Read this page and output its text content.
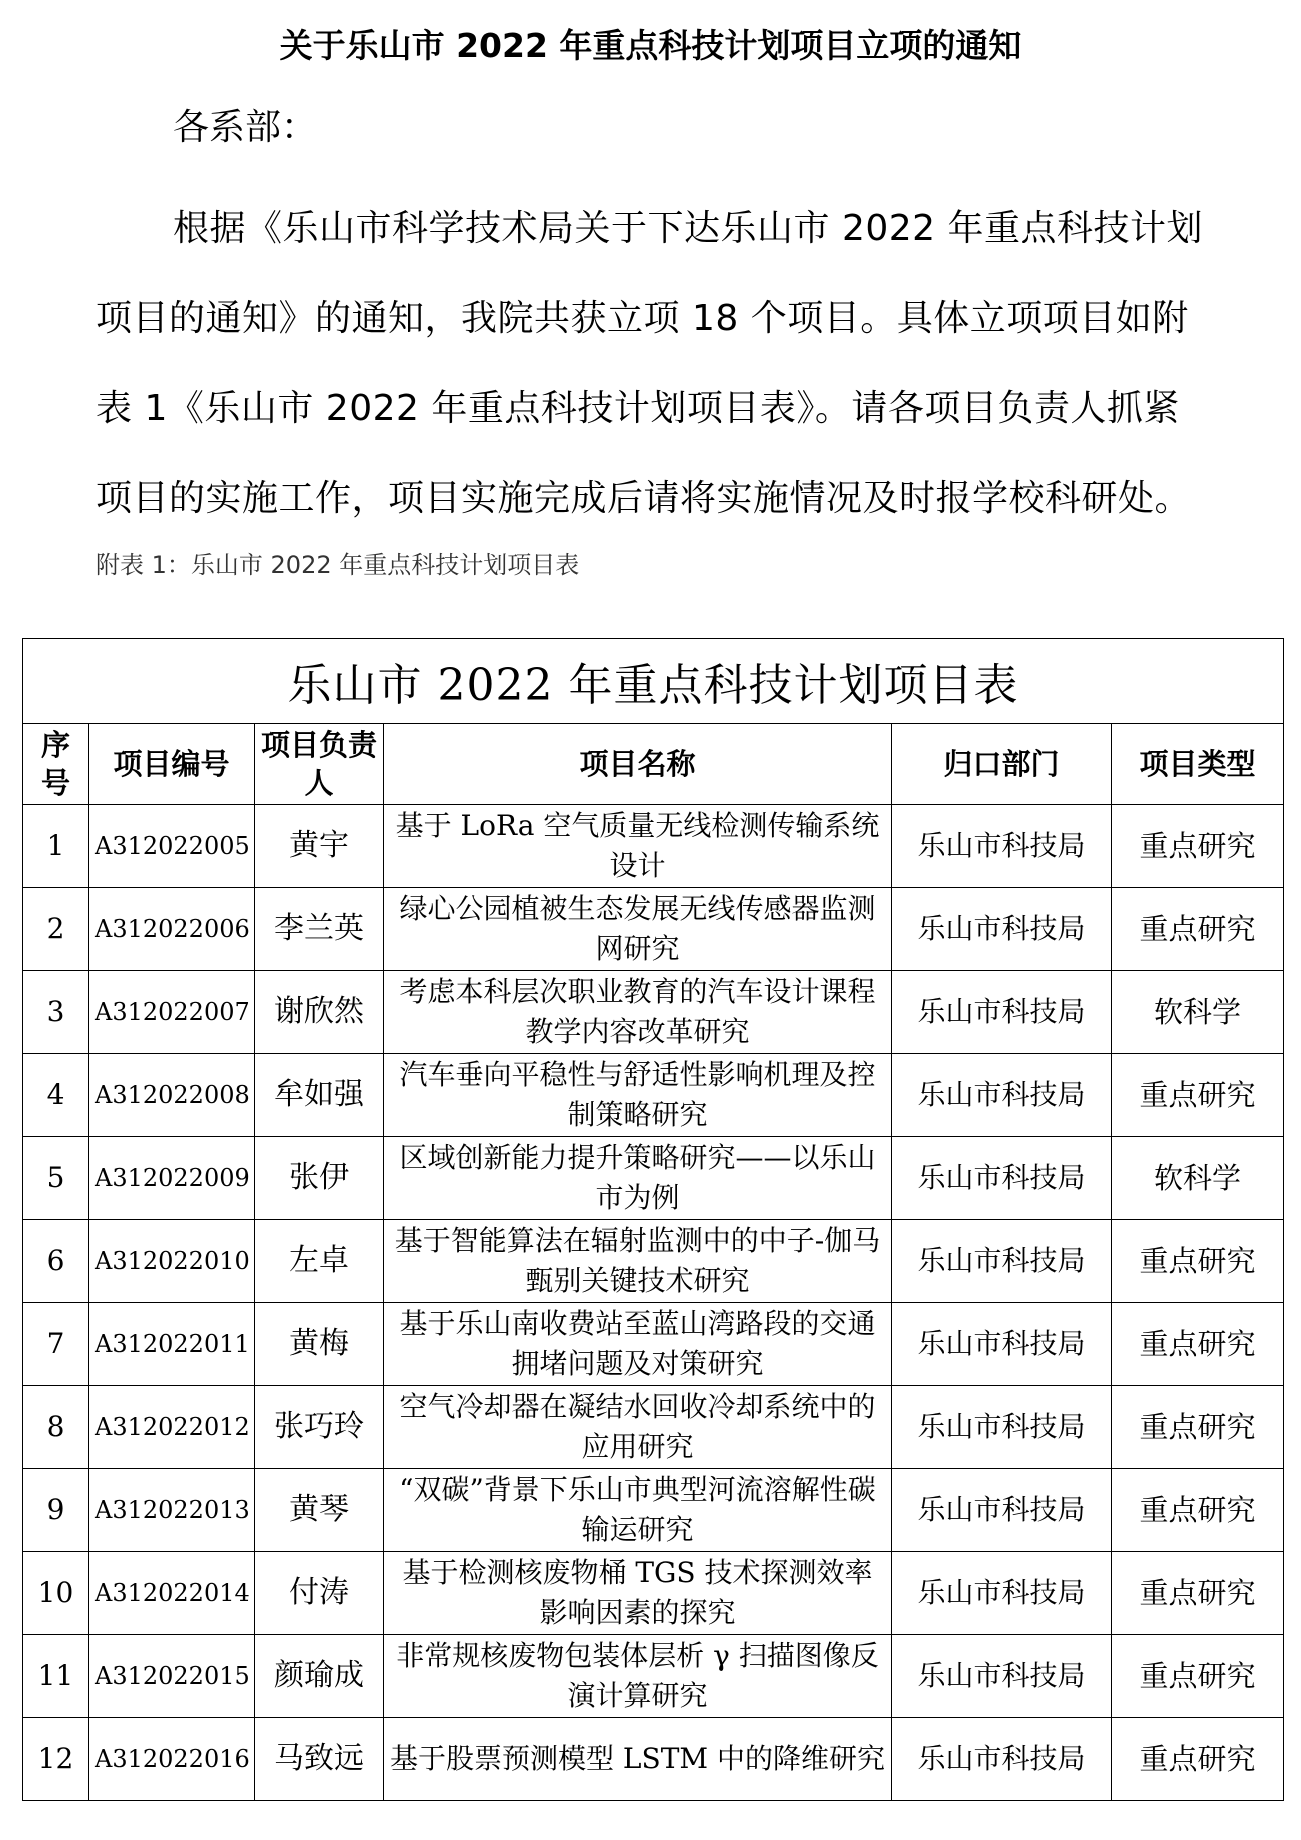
关于乐山市 2022 年重点科技计划项目立项的通知

各系部：

根据《乐山市科学技术局关于下达乐山市 2022 年重点科技计划项目的通知》的通知，我院共获立项 18 个项目。具体立项项目如附表 1《乐山市 2022 年重点科技计划项目表》。请各项目负责人抓紧项目的实施工作，项目实施完成后请将实施情况及时报学校科研处。

附表 1：乐山市 2022 年重点科技计划项目表

乐山市 2022 年重点科技计划项目表					
序号	项目编号	项目负责人	项目名称	归口部门	项目类型
1	A312022005	黄宇	基于 LoRa 空气质量无线检测传输系统设计	乐山市科技局	重点研究
2	A312022006	李兰英	绿心公园植被生态发展无线传感器监测网研究	乐山市科技局	重点研究
3	A312022007	谢欣然	考虑本科层次职业教育的汽车设计课程教学内容改革研究	乐山市科技局	软科学
4	A312022008	牟如强	汽车垂向平稳性与舒适性影响机理及控制策略研究	乐山市科技局	重点研究
5	A312022009	张伊	区域创新能力提升策略研究——以乐山市为例	乐山市科技局	软科学
6	A312022010	左卓	基于智能算法在辐射监测中的中子-伽马甄别关键技术研究	乐山市科技局	重点研究
7	A312022011	黄梅	基于乐山南收费站至蓝山湾路段的交通拥堵问题及对策研究	乐山市科技局	重点研究
8	A312022012	张巧玲	空气冷却器在凝结水回收冷却系统中的应用研究	乐山市科技局	重点研究
9	A312022013	黄琴	“双碳”背景下乐山市典型河流溶解性碳输运研究	乐山市科技局	重点研究
10	A312022014	付涛	基于检测核废物桶 TGS 技术探测效率影响因素的探究	乐山市科技局	重点研究
11	A312022015	颜瑜成	非常规核废物包装体层析 γ 扫描图像反演计算研究	乐山市科技局	重点研究
12	A312022016	马致远	基于股票预测模型 LSTM 中的降维研究	乐山市科技局	重点研究
